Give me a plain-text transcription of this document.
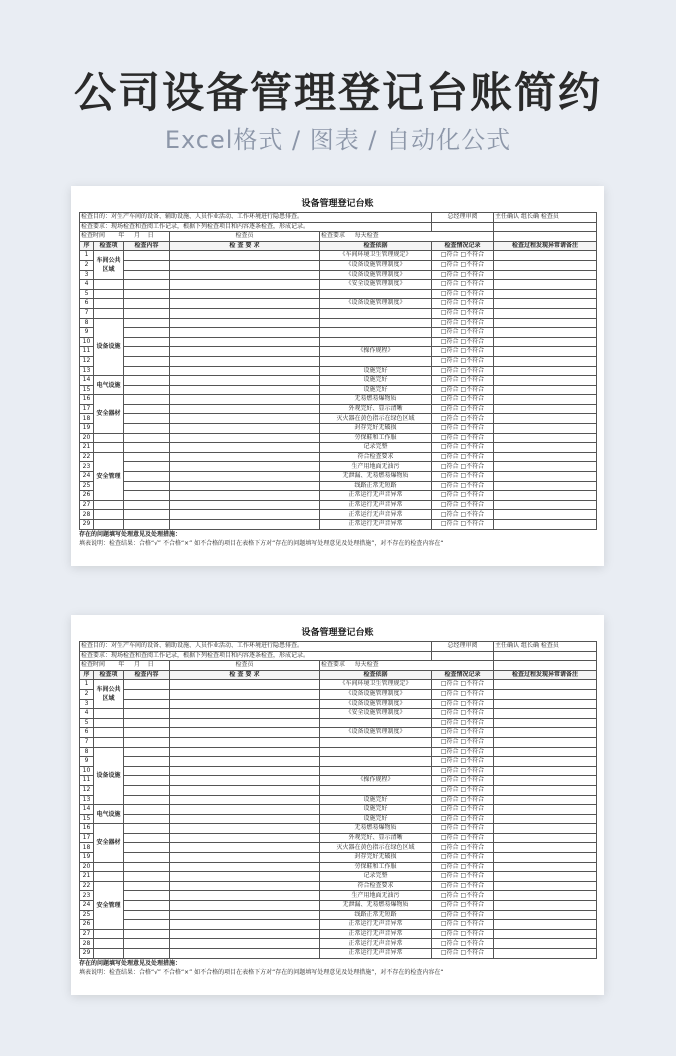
公司设备管理登记台账简约
Excel格式 / 图表 / 自动化公式
设备管理登记台账
检查目的：对生产车间的设备、辅助设施、人员作业活动、工作环境进行隐患排查。					总经理审阅	主任确认 组长确 检查员
检查要求：现场检查和查阅工作记录，根据下列检查项目和内容逐条检查，形成记录。						
检查时间 年 月 日			检查员	检查要求 每天检查		
序	检查项	检查内容	检 查 要 求	检查依据	检查情况记录	检查过程发现异常请备注
1	车间公共区域			《车间环境卫生管理规定》	□符合 □不符合	
2				《设备设施管理制度》	□符合 □不符合	
3				《设备设施管理制度》	□符合 □不符合	
4				《安全设施管理制度》	□符合 □不符合	
5					□符合 □不符合	
6				《设备设施管理制度》	□符合 □不符合	
7					□符合 □不符合	
8	设备设施				□符合 □不符合	
9					□符合 □不符合	
10					□符合 □不符合	
11				《操作规程》	□符合 □不符合	
12					□符合 □不符合	
13				设施完好	□符合 □不符合	
14	电气设施			设施完好	□符合 □不符合	
15				设施完好	□符合 □不符合	
16	安全器材			无易燃易爆物质	□符合 □不符合	
17				外观完好、显示清晰	□符合 □不符合	
18				灭火器在黄色指示在绿色区域	□符合 □不符合	
19				封存完好无破损	□符合 □不符合	
20				劳保鞋和工作服	□符合 □不符合	
21				记录完整	□符合 □不符合	
22	安全管理			符合检查要求	□符合 □不符合	
23				生产用地面无油污	□符合 □不符合	
24				无泄漏、无易燃易爆物质	□符合 □不符合	
25				线路正常无短路	□符合 □不符合	
26				正常运行无声音异常	□符合 □不符合	
27				正常运行无声音异常	□符合 □不符合	
28				正常运行无声音异常	□符合 □不符合	
29				正常运行无声音异常	□符合 □不符合	
存在的问题填写处理意见及处理措施：
填表说明：检查结果：合格“√” 不合格“×” 如不合格的项目在表格下方对“存在的问题填写处理意见及处理措施”，对不存在的检查内容在“
设备管理登记台账
检查目的：对生产车间的设备、辅助设施、人员作业活动、工作环境进行隐患排查。					总经理审阅	主任确认 组长确 检查员
检查要求：现场检查和查阅工作记录，根据下列检查项目和内容逐条检查，形成记录。						
检查时间 年 月 日			检查员	检查要求 每天检查		
序	检查项	检查内容	检 查 要 求	检查依据	检查情况记录	检查过程发现异常请备注
1	车间公共区域			《车间环境卫生管理规定》	□符合 □不符合	
2				《设备设施管理制度》	□符合 □不符合	
3				《设备设施管理制度》	□符合 □不符合	
4				《安全设施管理制度》	□符合 □不符合	
5					□符合 □不符合	
6				《设备设施管理制度》	□符合 □不符合	
7					□符合 □不符合	
8	设备设施				□符合 □不符合	
9					□符合 □不符合	
10					□符合 □不符合	
11				《操作规程》	□符合 □不符合	
12					□符合 □不符合	
13				设施完好	□符合 □不符合	
14	电气设施			设施完好	□符合 □不符合	
15				设施完好	□符合 □不符合	
16	安全器材			无易燃易爆物质	□符合 □不符合	
17				外观完好、显示清晰	□符合 □不符合	
18				灭火器在黄色指示在绿色区域	□符合 □不符合	
19				封存完好无破损	□符合 □不符合	
20				劳保鞋和工作服	□符合 □不符合	
21				记录完整	□符合 □不符合	
22	安全管理			符合检查要求	□符合 □不符合	
23				生产用地面无油污	□符合 □不符合	
24				无泄漏、无易燃易爆物质	□符合 □不符合	
25				线路正常无短路	□符合 □不符合	
26				正常运行无声音异常	□符合 □不符合	
27				正常运行无声音异常	□符合 □不符合	
28				正常运行无声音异常	□符合 □不符合	
29				正常运行无声音异常	□符合 □不符合	
存在的问题填写处理意见及处理措施：
填表说明：检查结果：合格“√” 不合格“×” 如不合格的项目在表格下方对“存在的问题填写处理意见及处理措施”，对不存在的检查内容在“
